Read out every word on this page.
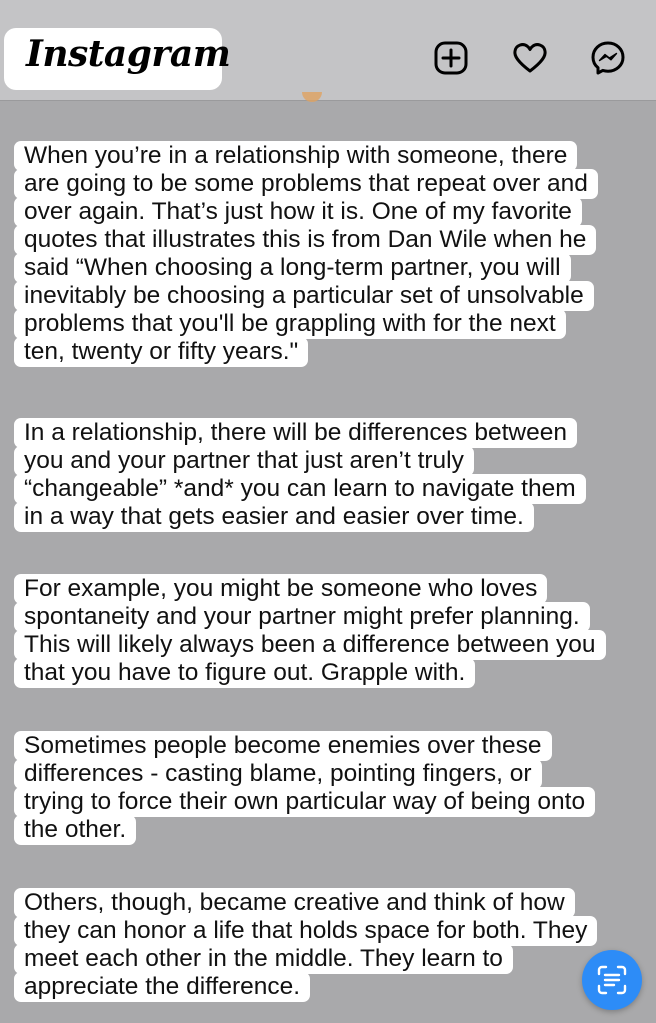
Instagram
When you’re in a relationship with someone, there
are going to be some problems that repeat over and
over again. That’s just how it is. One of my favorite
quotes that illustrates this is from Dan Wile when he
said “When choosing a long-term partner, you will
inevitably be choosing a particular set of unsolvable
problems that you'll be grappling with for the next
ten, twenty or fifty years."
In a relationship, there will be differences between
you and your partner that just aren’t truly
“changeable” *and* you can learn to navigate them
in a way that gets easier and easier over time.
For example, you might be someone who loves
spontaneity and your partner might prefer planning.
This will likely always been a difference between you
that you have to figure out. Grapple with.
Sometimes people become enemies over these
differences - casting blame, pointing fingers, or
trying to force their own particular way of being onto
the other.
Others, though, became creative and think of how
they can honor a life that holds space for both. They
meet each other in the middle. They learn to
appreciate the difference.
